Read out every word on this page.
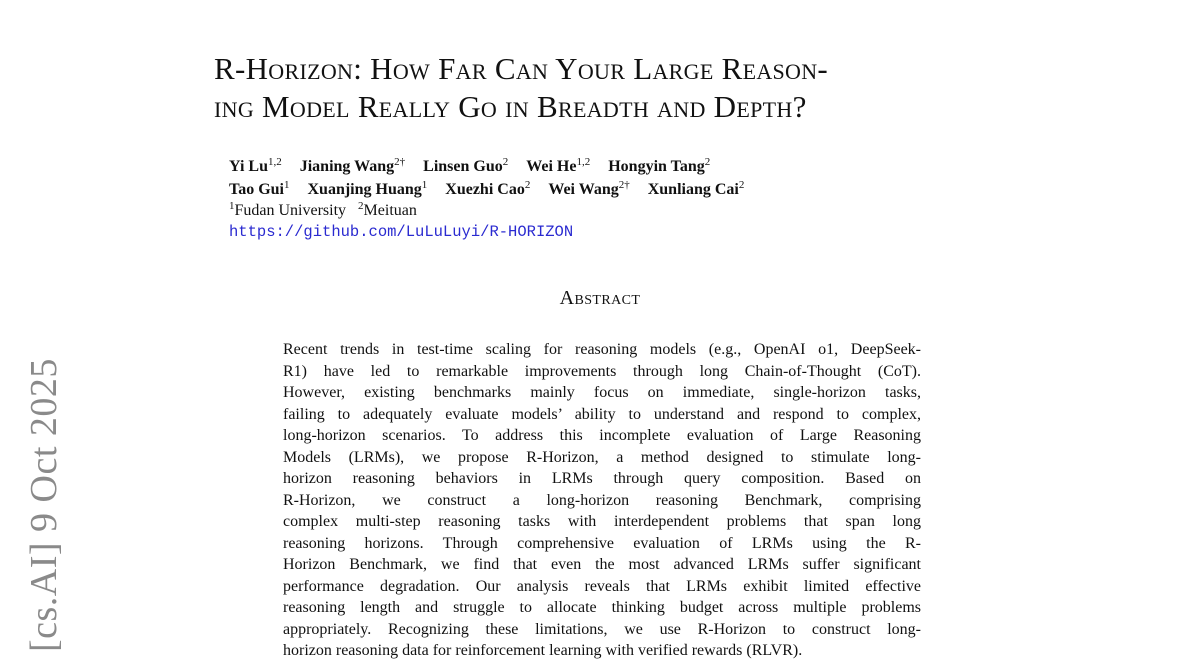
[cs.AI] 9 Oct 2025
R-Horizon: How Far Can Your Large Reason-
ing Model Really Go in Breadth and Depth?
Yi Lu$^{1,2}$ Jianing Wang$^{2\dagger}$ Linsen Guo$^2$ Wei He$^{1,2}$ Hongyin Tang$^2$
Tao Gui$^1$ Xuanjing Huang$^1$ Xuezhi Cao$^2$ Wei Wang$^{2\dagger}$ Xunliang Cai$^2$
$^1$Fudan University $^2$Meituan
https://github.com/LuLuLuyi/R-HORIZON
Abstract
Recent trends in test-time scaling for reasoning models (e.g., OpenAI o1, DeepSeek-
R1) have led to remarkable improvements through long Chain-of-Thought (CoT).
However, existing benchmarks mainly focus on immediate, single-horizon tasks,
failing to adequately evaluate models’ ability to understand and respond to complex,
long-horizon scenarios. To address this incomplete evaluation of Large Reasoning
Models (LRMs), we propose R-Horizon, a method designed to stimulate long-
horizon reasoning behaviors in LRMs through query composition. Based on
R-Horizon, we construct a long-horizon reasoning Benchmark, comprising
complex multi-step reasoning tasks with interdependent problems that span long
reasoning horizons. Through comprehensive evaluation of LRMs using the R-
Horizon Benchmark, we find that even the most advanced LRMs suffer significant
performance degradation. Our analysis reveals that LRMs exhibit limited effective
reasoning length and struggle to allocate thinking budget across multiple problems
appropriately. Recognizing these limitations, we use R-Horizon to construct long-
horizon reasoning data for reinforcement learning with verified rewards (RLVR).
